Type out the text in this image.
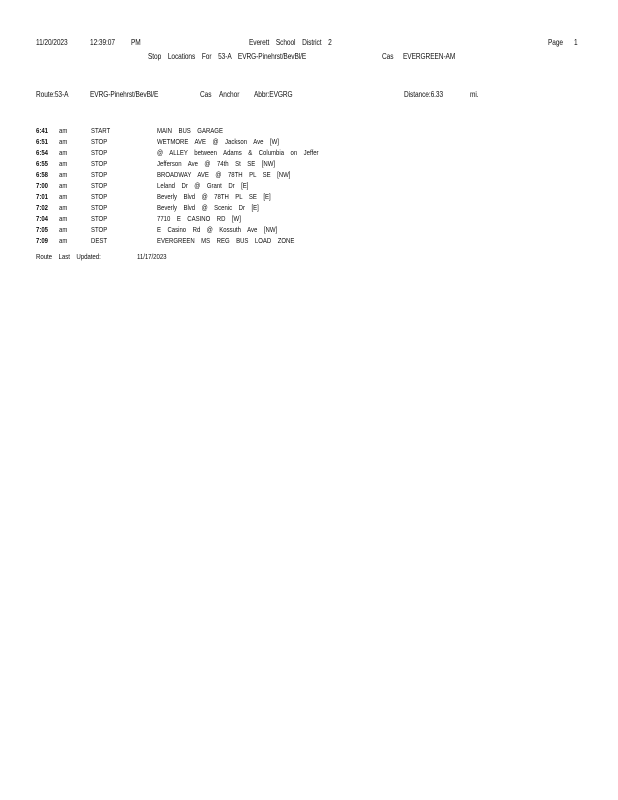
11/20/2023	12:39:07 PM	Everett School District 2	Page 1
Stop Locations For 53-A EVRG-Pinehrst/BevBl/E	Cas EVERGREEN-AM
Route:53-A	EVRG-Pinehrst/BevBl/E	Cas Anchor Abbr:EVGRG	Distance:6.33	mi.
6:41 am	START	MAIN BUS GARAGE
6:51 am	STOP	WETMORE AVE @ Jackson Ave [W]
6:54 am	STOP	@ ALLEY between Adams & Columbia on Jeffer
6:55 am	STOP	Jefferson Ave @ 74th St SE [NW]
6:58 am	STOP	BROADWAY AVE @ 78TH PL SE [NW]
7:00 am	STOP	Leland Dr @ Grant Dr [E]
7:01 am	STOP	Beverly Blvd @ 78TH PL SE [E]
7:02 am	STOP	Beverly Blvd @ Scenic Dr [E]
7:04 am	STOP	7710 E CASINO RD [W]
7:05 am	STOP	E Casino Rd @ Kossuth Ave [NW]
7:09 am	DEST	EVERGREEN MS REG BUS LOAD ZONE
Route Last Updated:	11/17/2023
